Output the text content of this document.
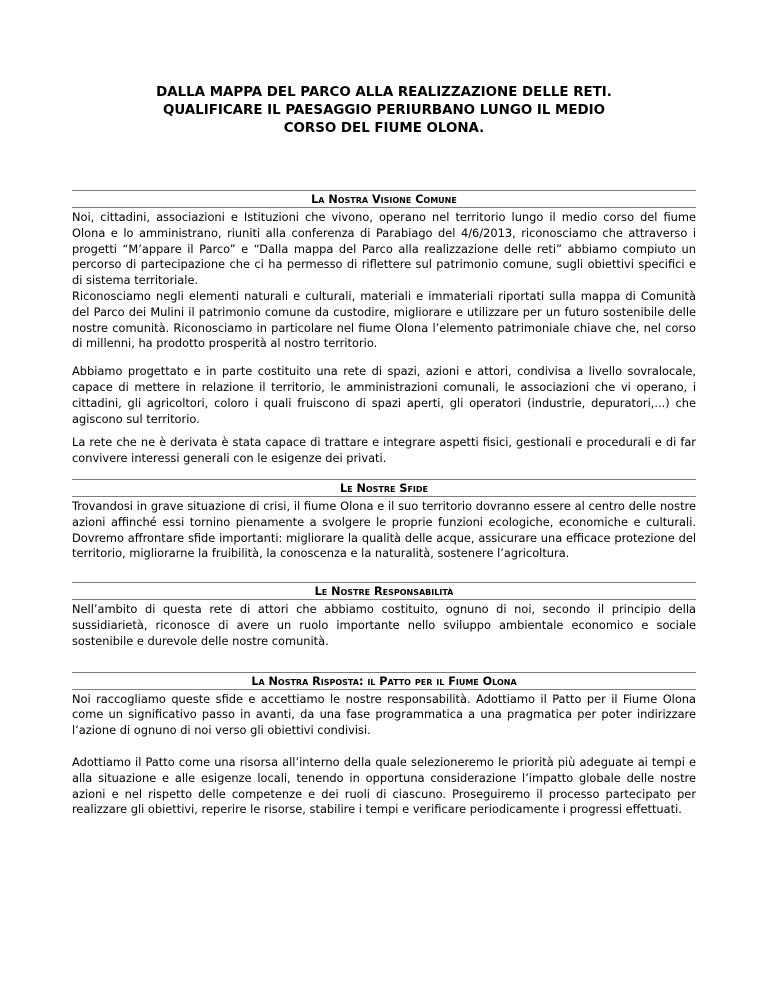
DALLA MAPPA DEL PARCO ALLA REALIZZAZIONE DELLE RETI.
QUALIFICARE IL PAESAGGIO PERIURBANO LUNGO IL MEDIO
CORSO DEL FIUME OLONA.
La Nostra Visione Comune

Noi, cittadini, associazioni e Istituzioni che vivono, operano nel territorio lungo il medio corso del fiume Olona e lo amministrano, riuniti alla conferenza di Parabiago del 4/6/2013, riconosciamo che attraverso i progetti “M’appare il Parco” e “Dalla mappa del Parco alla realizzazione delle reti” abbiamo compiuto un percorso di partecipazione che ci ha permesso di riflettere sul patrimonio comune, sugli obiettivi specifici e di sistema territoriale.

Riconosciamo negli elementi naturali e culturali, materiali e immateriali riportati sulla mappa di Comunità del Parco dei Mulini il patrimonio comune da custodire, migliorare e utilizzare per un futuro sostenibile delle nostre comunità. Riconosciamo in particolare nel fiume Olona l’elemento patrimoniale chiave che, nel corso di millenni, ha prodotto prosperità al nostro territorio.

Abbiamo progettato e in parte costituito una rete di spazi, azioni e attori, condivisa a livello sovralocale, capace di mettere in relazione il territorio, le amministrazioni comunali, le associazioni che vi operano, i cittadini, gli agricoltori, coloro i quali fruiscono di spazi aperti, gli operatori (industrie, depuratori,...) che agiscono sul territorio.

La rete che ne è derivata è stata capace di trattare e integrare aspetti fisici, gestionali e procedurali e di far convivere interessi generali con le esigenze dei privati.

Le Nostre Sfide

Trovandosi in grave situazione di crisi, il fiume Olona e il suo territorio dovranno essere al centro delle nostre azioni affinché essi tornino pienamente a svolgere le proprie funzioni ecologiche, economiche e culturali. Dovremo affrontare sfide importanti: migliorare la qualità delle acque, assicurare una efficace protezione del territorio, migliorarne la fruibilità, la conoscenza e la naturalità, sostenere l’agricoltura.

Le Nostre Responsabilità

Nell’ambito di questa rete di attori che abbiamo costituito, ognuno di noi, secondo il principio della sussidiarietà, riconosce di avere un ruolo importante nello sviluppo ambientale economico e sociale sostenibile e durevole delle nostre comunità.

La Nostra Risposta: il Patto per il Fiume Olona

Noi raccogliamo queste sfide e accettiamo le nostre responsabilità. Adottiamo il Patto per il Fiume Olona come un significativo passo in avanti, da una fase programmatica a una pragmatica per poter indirizzare l’azione di ognuno di noi verso gli obiettivi condivisi.

Adottiamo il Patto come una risorsa all’interno della quale selezioneremo le priorità più adeguate ai tempi e alla situazione e alle esigenze locali, tenendo in opportuna considerazione l’impatto globale delle nostre azioni e nel rispetto delle competenze e dei ruoli di ciascuno. Proseguiremo il processo partecipato per realizzare gli obiettivi, reperire le risorse, stabilire i tempi e verificare periodicamente i progressi effettuati.
